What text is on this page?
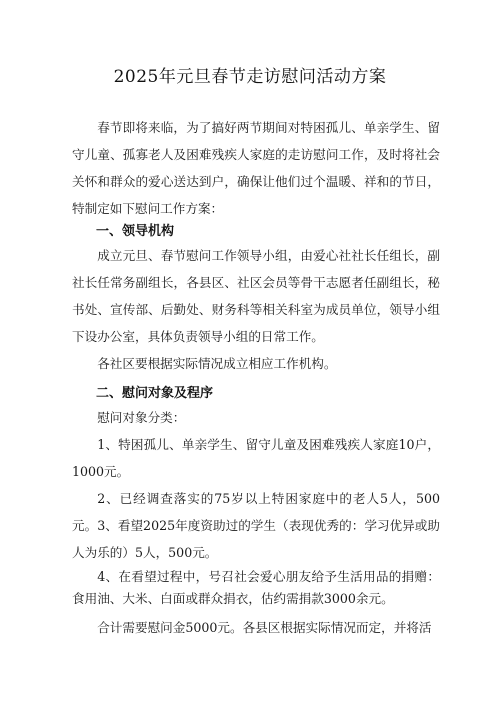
2025年元旦春节走访慰问活动方案
春节即将来临，为了搞好两节期间对特困孤儿、单亲学生、留守儿童、孤寡老人及困难残疾人家庭的走访慰问工作，及时将社会关怀和群众的爱心送达到户，确保让他们过个温暖、祥和的节日，特制定如下慰问工作方案：
一、领导机构
成立元旦、春节慰问工作领导小组，由爱心社社长任组长，副社长任常务副组长，各县区、社区会员等骨干志愿者任副组长，秘书处、宣传部、后勤处、财务科等相关科室为成员单位，领导小组下设办公室，具体负责领导小组的日常工作。
各社区要根据实际情况成立相应工作机构。
二、慰问对象及程序
慰问对象分类：
1、特困孤儿、单亲学生、留守儿童及困难残疾人家庭10户，1000元。
2、已经调查落实的75岁以上特困家庭中的老人5人，500元。 3、看望2025年度资助过的学生（表现优秀的：学习优异或助人为乐的）5人，500元。
4、在看望过程中，号召社会爱心朋友给予生活用品的捐赠：食用油、大米、白面或群众捐衣，估约需捐款3000余元。
合计需要慰问金5000元。各县区根据实际情况而定，并将活
